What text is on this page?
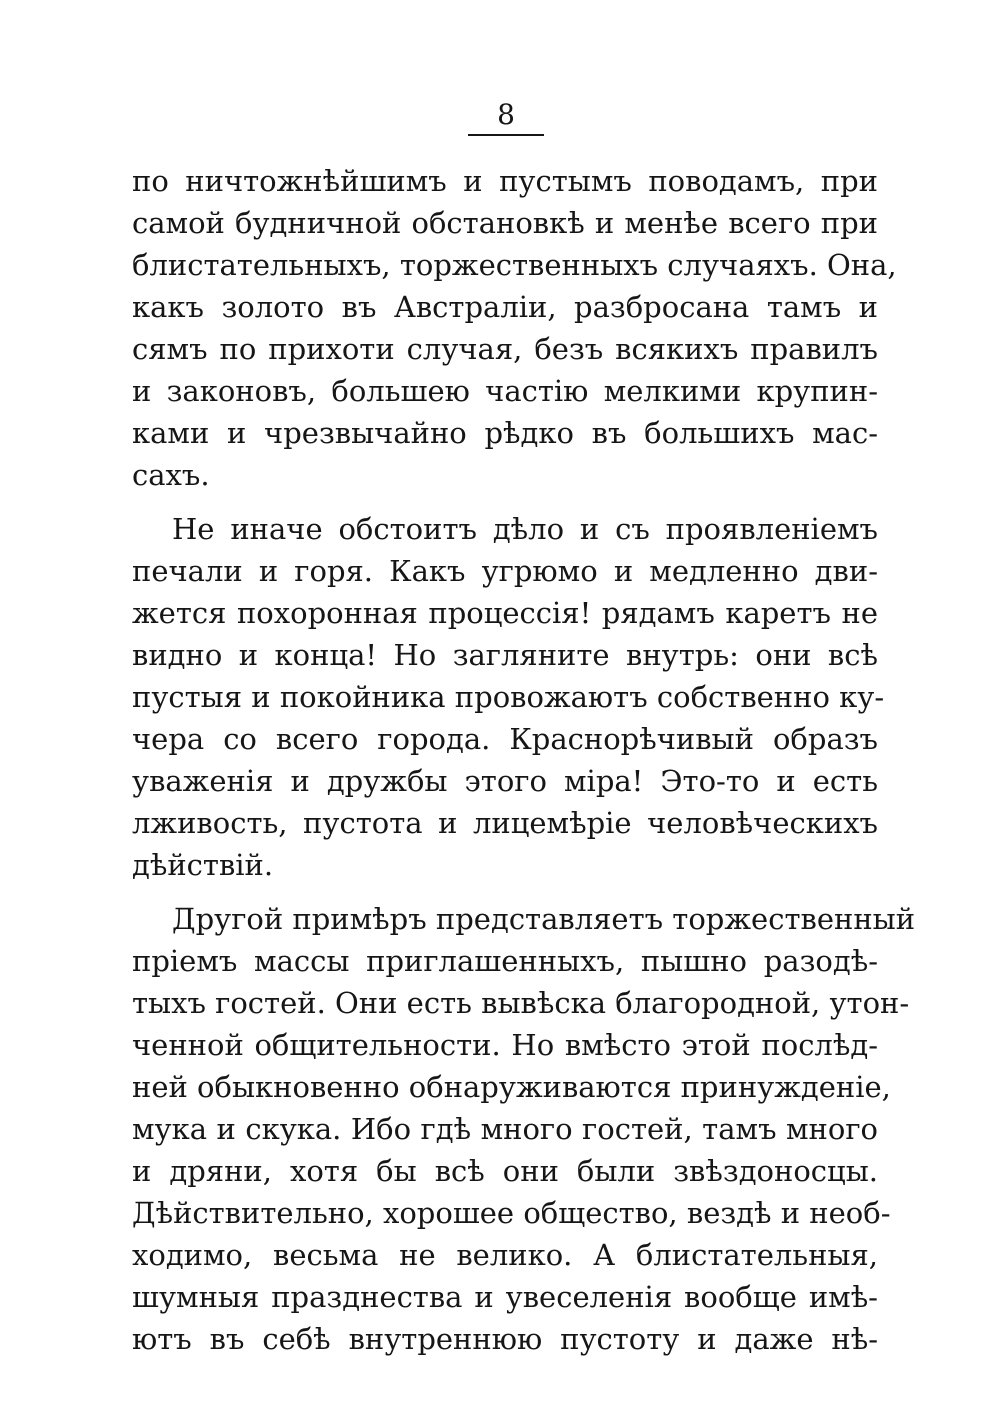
8
по ничтожнѣйшимъ и пустымъ поводамъ, при
самой будничной обстановкѣ и менѣе всего при
блистательныхъ, торжественныхъ случаяхъ. Она,
какъ золото въ Австраліи, разбросана тамъ и
сямъ по прихоти случая, безъ всякихъ правилъ
и законовъ, большею частію мелкими крупин-
ками и чрезвычайно рѣдко въ большихъ мас-
сахъ.
Не иначе обстоитъ дѣло и съ проявленіемъ
печали и горя. Какъ угрюмо и медленно дви-
жется похоронная процессія! рядамъ каретъ не
видно и конца! Но загляните внутрь: они всѣ
пустыя и покойника провожаютъ собственно ку-
чера со всего города. Краснорѣчивый образъ
уваженія и дружбы этого міра! Это-то и есть
лживость, пустота и лицемѣріе человѣческихъ
дѣйствій.
Другой примѣръ представляетъ торжественный
пріемъ массы приглашенныхъ, пышно разодѣ-
тыхъ гостей. Они есть вывѣска благородной, утон-
ченной общительности. Но вмѣсто этой послѣд-
ней обыкновенно обнаруживаются принужденіе,
мука и скука. Ибо гдѣ много гостей, тамъ много
и дряни, хотя бы всѣ они были звѣздоносцы.
Дѣйствительно, хорошее общество, вездѣ и необ-
ходимо, весьма не велико. А блистательныя,
шумныя празднества и увеселенія вообще имѣ-
ютъ въ себѣ внутреннюю пустоту и даже нѣ-
